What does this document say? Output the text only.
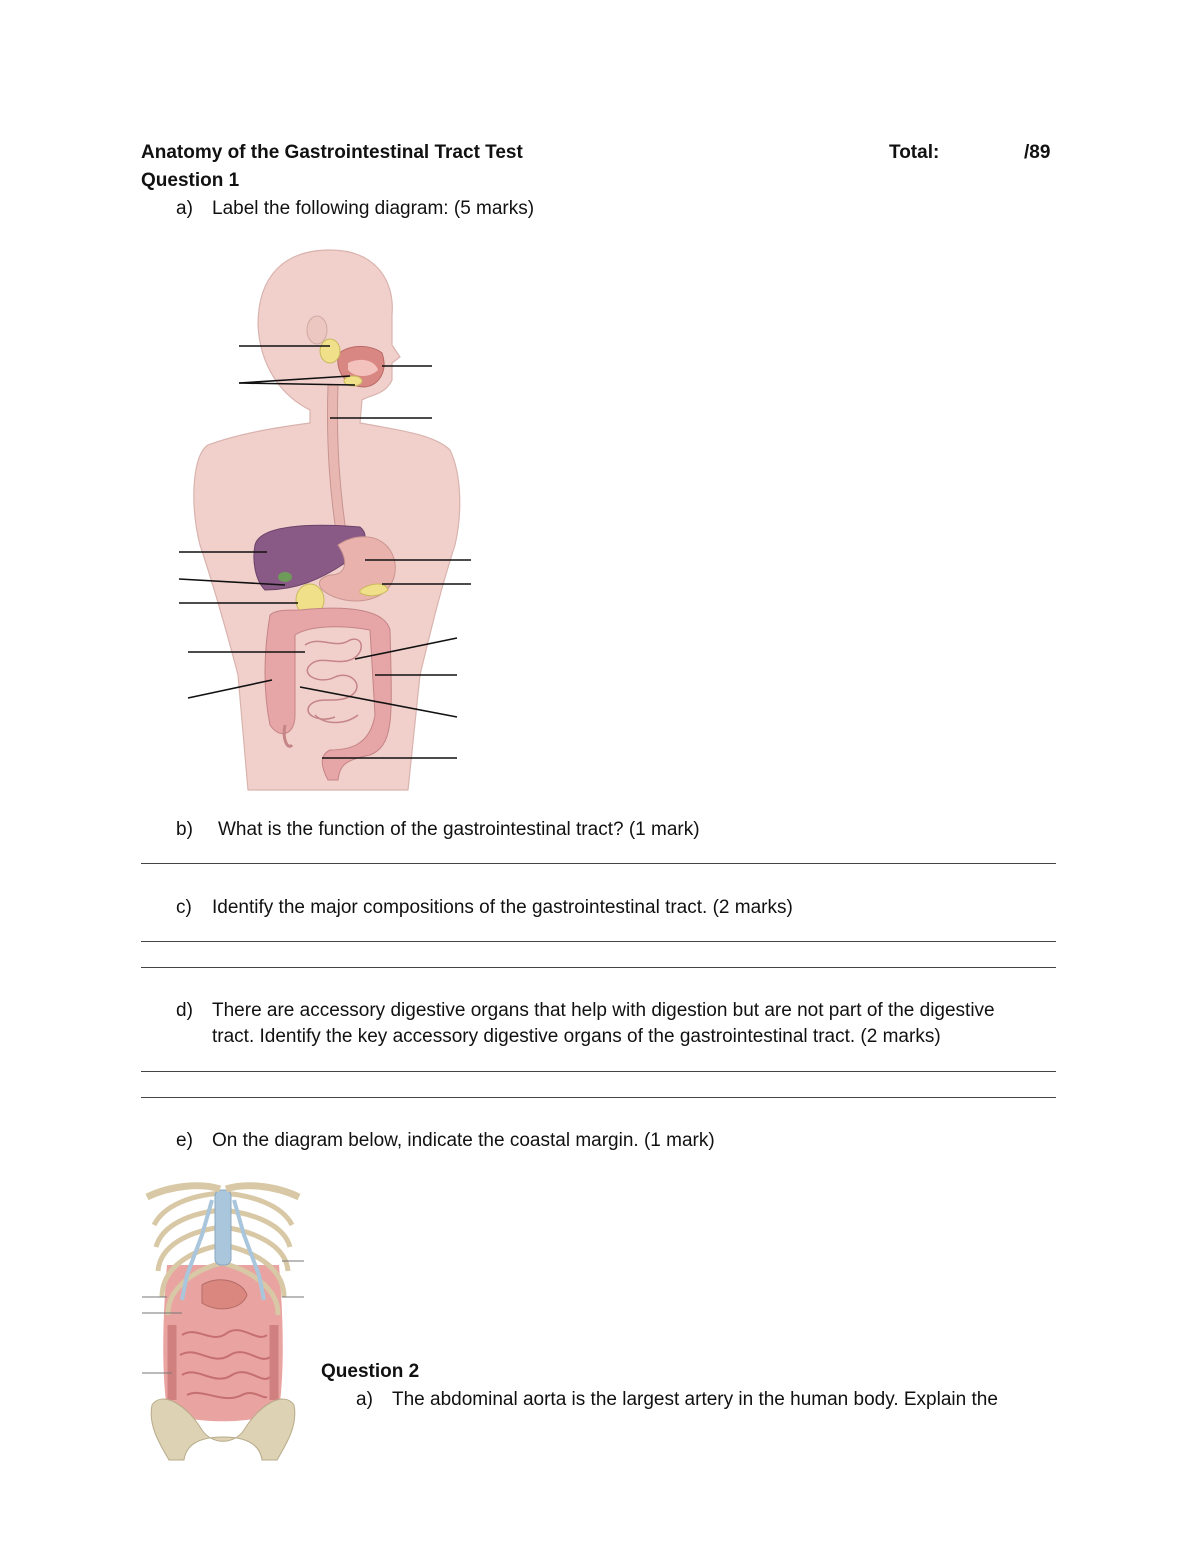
Anatomy of the Gastrointestinal Tract Test	Total:	/89
Question 1
a) Label the following diagram: (5 marks)
b) What is the function of the gastrointestinal tract? (1 mark)
c) Identify the major compositions of the gastrointestinal tract. (2 marks)
d) There are accessory digestive organs that help with digestion but are not part of the digestive
tract. Identify the key accessory digestive organs of the gastrointestinal tract. (2 marks)
e) On the diagram below, indicate the coastal margin. (1 mark)
Question 2
a) The abdominal aorta is the largest artery in the human body. Explain the
